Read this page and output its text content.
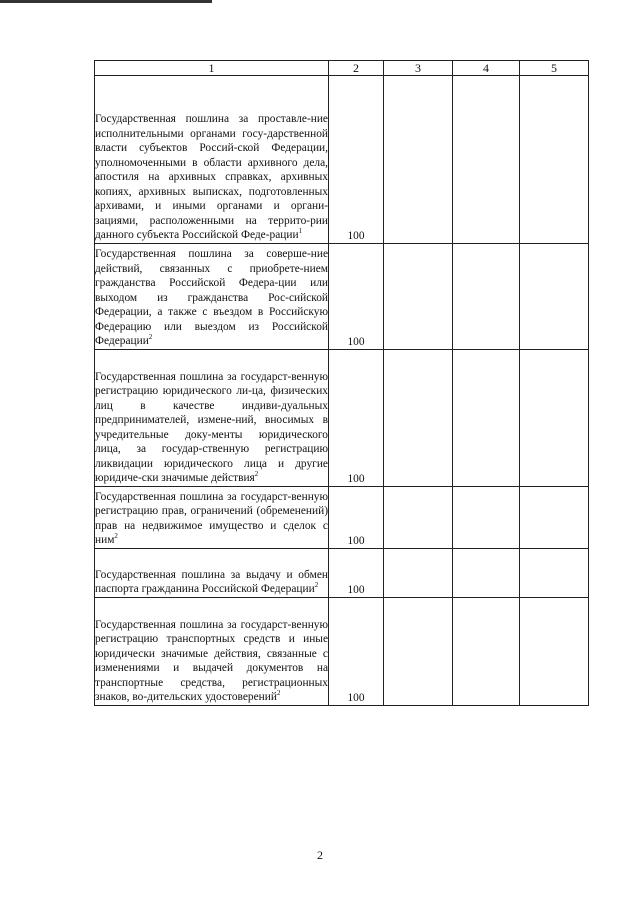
1	2	3	4	5
Государственная пошлина за проставле-ние исполнительными органами госу-дарственной власти субъектов Россий-ской Федерации, уполномоченными в области архивного дела, апостиля на архивных справках, архивных копиях, архивных выписках, подготовленных архивами, и иными органами и органи-зациями, расположенными на террито-рии данного субъекта Российской Феде-рации$^1$	100			
Государственная пошлина за соверше-ние действий, связанных с приобрете-нием гражданства Российской Федера-ции или выходом из гражданства Рос-сийской Федерации, а также с въездом в Российскую Федерацию или выездом из Российской Федерации$^2$	100			
Государственная пошлина за государст-венную регистрацию юридического ли-ца, физических лиц в качестве индиви-дуальных предпринимателей, измене-ний, вносимых в учредительные доку-менты юридического лица, за государ-ственную регистрацию ликвидации юридического лица и другие юридиче-ски значимые действия$^2$	100			
Государственная пошлина за государст-венную регистрацию прав, ограничений (обременений) прав на недвижимое имущество и сделок с ним$^2$	100			
Государственная пошлина за выдачу и обмен паспорта гражданина Российской Федерации$^2$	100			
Государственная пошлина за государст-венную регистрацию транспортных средств и иные юридически значимые действия, связанные с изменениями и выдачей документов на транспортные средства, регистрационных знаков, во-дительских удостоверений$^2$	100			
2
